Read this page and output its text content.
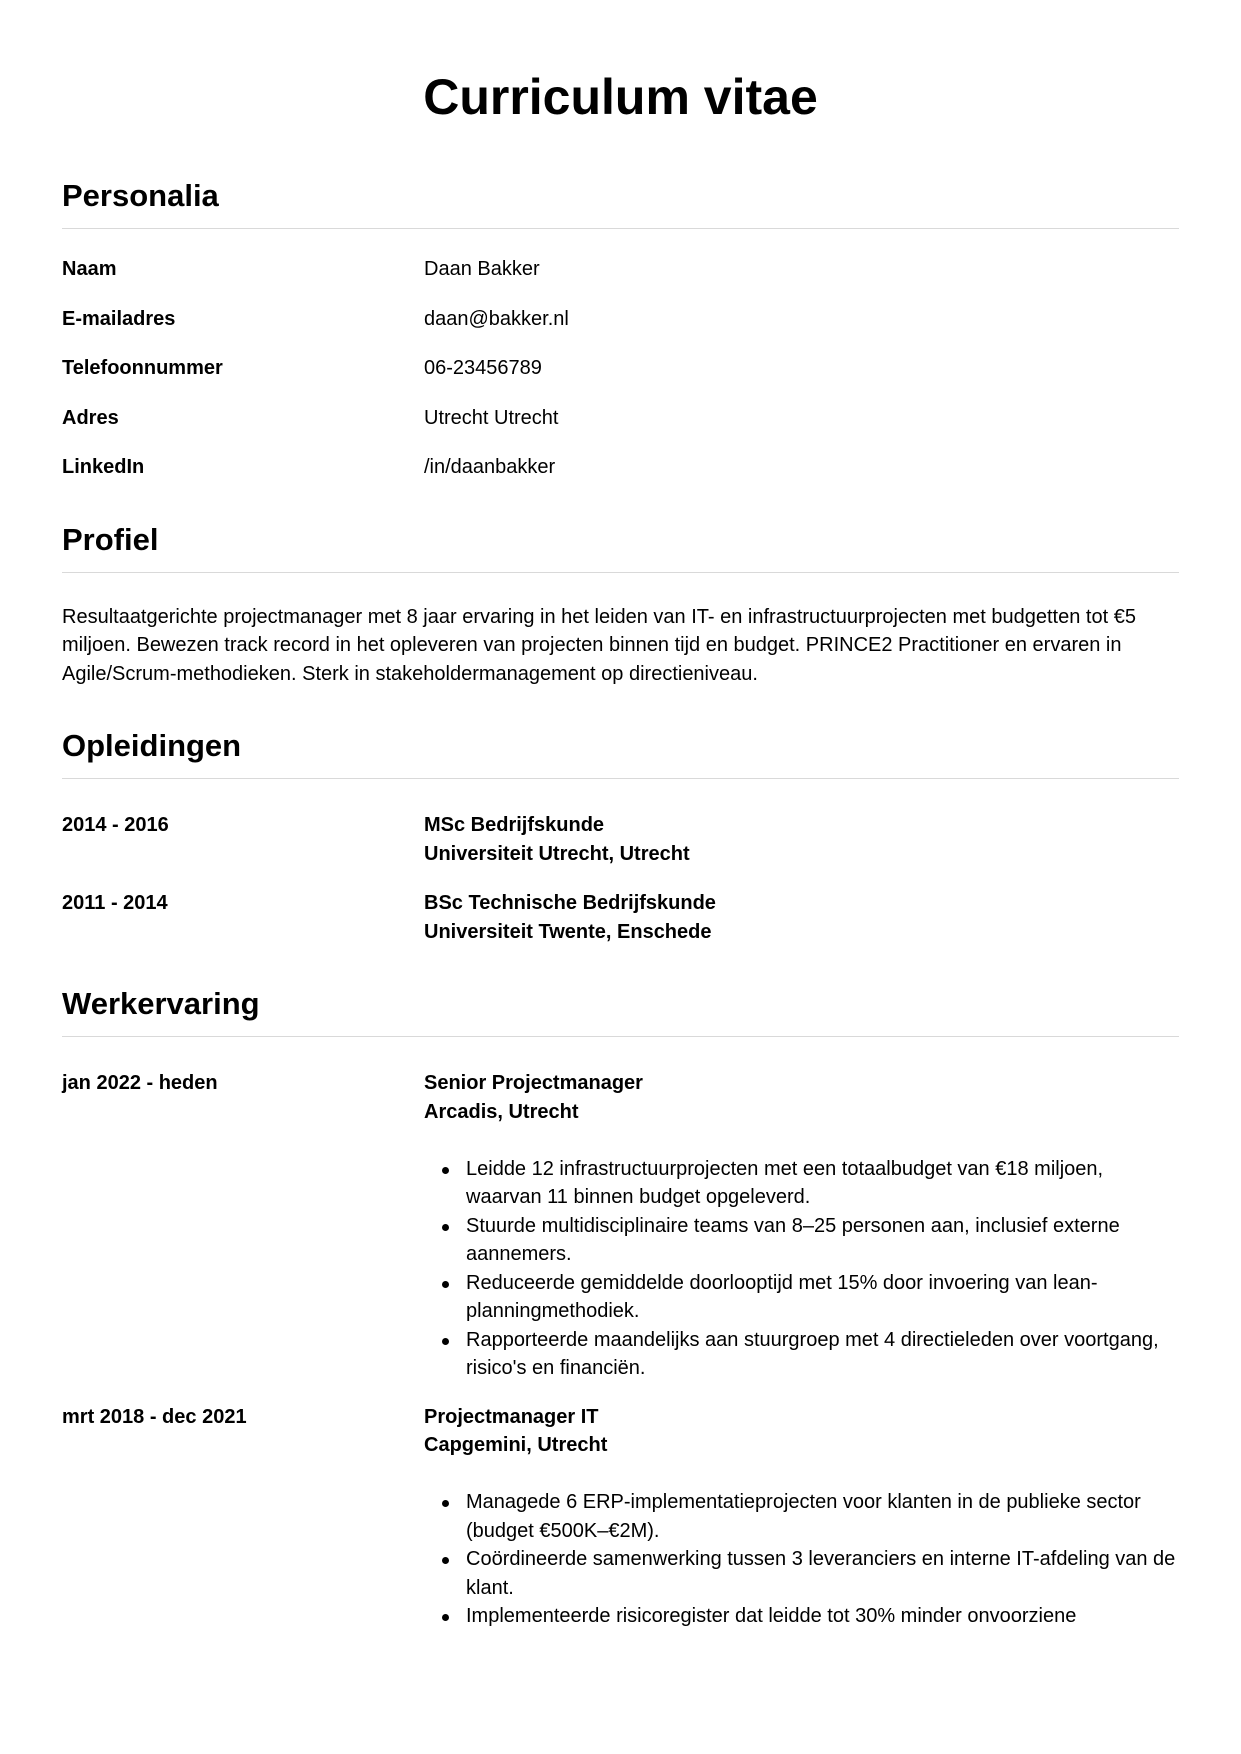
Curriculum vitae
Personalia
Naam	Daan Bakker
E-mailadres	daan@bakker.nl
Telefoonnummer	06-23456789
Adres	Utrecht Utrecht
LinkedIn	/in/daanbakker
Profiel

Resultaatgerichte projectmanager met 8 jaar ervaring in het leiden van IT- en infrastructuurprojecten met budgetten tot €5 miljoen. Bewezen track record in het opleveren van projecten binnen tijd en budget. PRINCE2 Practitioner en ervaren in Agile/Scrum-methodieken. Sterk in stakeholdermanagement op directieniveau.

Opleidingen
2014 - 2016	MSc Bedrijfskunde
Universiteit Utrecht, Utrecht
2011 - 2014	BSc Technische Bedrijfskunde
Universiteit Twente, Enschede
Werkervaring
jan 2022 - heden	Senior Projectmanager
Arcadis, Utrecht
Leidde 12 infrastructuurprojecten met een totaalbudget van €18 miljoen, waarvan 11 binnen budget opgeleverd.
Stuurde multidisciplinaire teams van 8–25 personen aan, inclusief externe aannemers.
Reduceerde gemiddelde doorlooptijd met 15% door invoering van lean-planningmethodiek.
Rapporteerde maandelijks aan stuurgroep met 4 directieleden over voortgang, risico's en financiën.
mrt 2018 - dec 2021	Projectmanager IT
Capgemini, Utrecht
Managede 6 ERP-implementatieprojecten voor klanten in de publieke sector (budget €500K–€2M).
Coördineerde samenwerking tussen 3 leveranciers en interne IT-afdeling van de klant.
Implementeerde risicoregister dat leidde tot 30% minder onvoorziene
